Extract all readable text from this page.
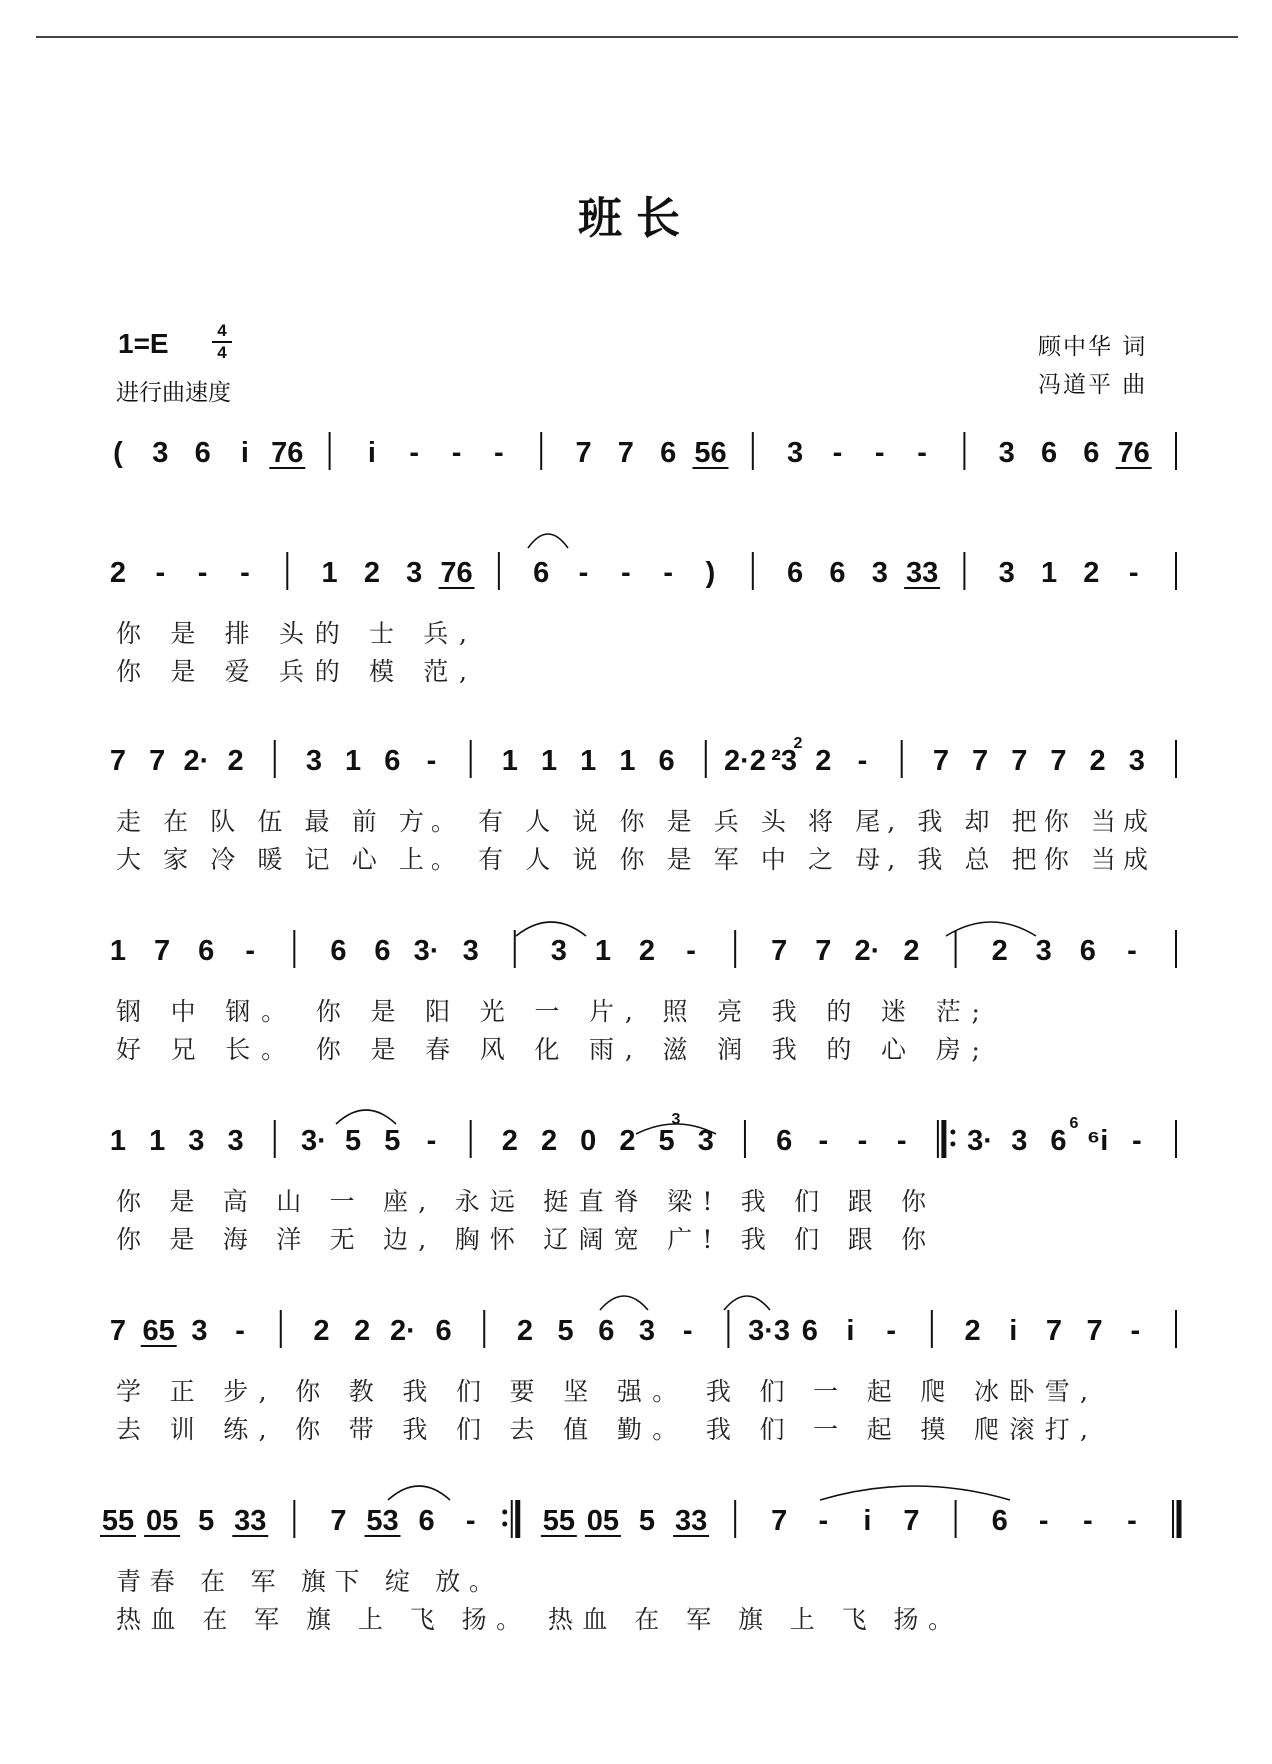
班长
1=E	4
4
进行曲速度
顾中华 词
冯道平 曲
( 3 6 i 76 i - - - 7 7 6 56 3 - - - 3 6 6 76
2 - - - 1 2 3 76 6 - - - ) 6 6 3 33 3 1 2 -
7 7 2· 2 3 1 6 - 1 1 1 1 6 2·2 ²3 2 - 7 7 7 7 2 3
1 7 6 -	6 6 3· 3 3 1 2 -	7 7 2· 2 2 3 6 -
1 1 3 3 3· 5 5 - 2 2 0 2 5 3 6 - - - 3· 3 6 ⁶i -
7 65 3 - 2 2 2· 6 2 5 6 3 - 3·3 6 i - 2 i 7 7 -
55 05 5 33 7 53 6 - 55 05 5 33 7 - i 7 6 - - -
你 是 排 头的 士 兵,
你 是 爱 兵的 模 范,
走 在 队 伍 最 前 方。 有 人 说 你 是 兵 头 将 尾, 我 却 把你 当成
大 家 冷 暖 记 心 上。 有 人 说 你 是 军 中 之 母, 我 总 把你 当成
钢 中 钢。 你 是 阳 光 一 片, 照 亮 我 的 迷 茫;
好 兄 长。 你 是 春 风 化 雨, 滋 润 我 的 心 房;
你 是 高 山 一 座, 永远 挺直脊 梁! 我 们 跟 你
你 是 海 洋 无 边, 胸怀 辽阔宽 广! 我 们 跟 你
学 正 步, 你 教 我 们 要 坚 强。 我 们 一 起 爬 冰卧雪,
去 训 练, 你 带 我 们 去 值 勤。 我 们 一 起 摸 爬滚打,
青春 在 军 旗下 绽 放。
热血 在 军 旗 上 飞 扬。 热血 在 军 旗 上 飞 扬。
3
2
6
